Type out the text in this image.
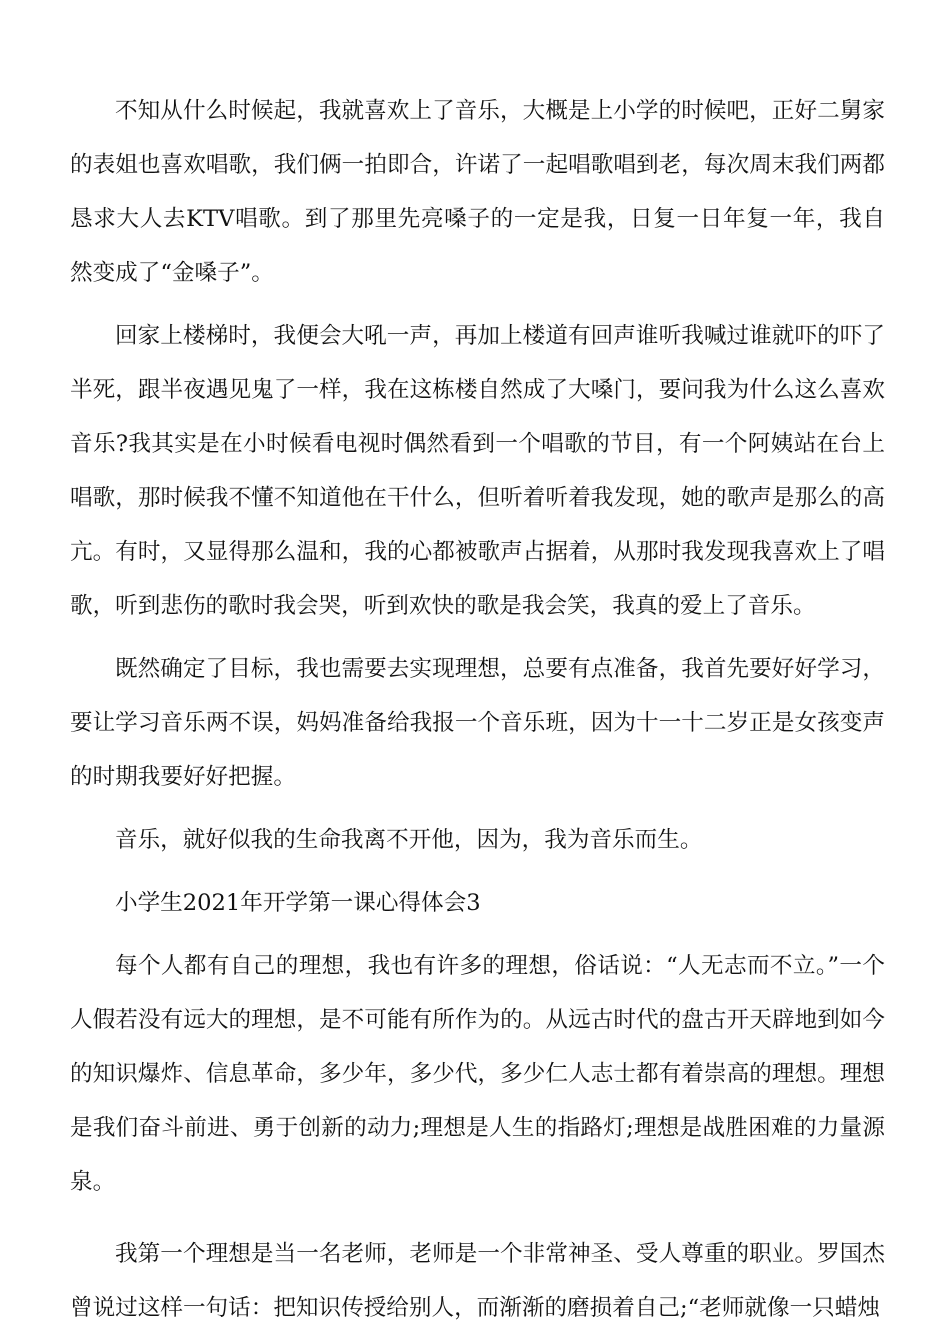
不知从什么时候起，我就喜欢上了音乐，大概是上小学的时候吧，正好二舅家的表姐也喜欢唱歌，我们俩一拍即合，许诺了一起唱歌唱到老，每次周末我们两都恳求大人去KTV唱歌。到了那里先亮嗓子的一定是我，日复一日年复一年，我自然变成了“金嗓子”。

回家上楼梯时，我便会大吼一声，再加上楼道有回声谁听我喊过谁就吓的吓了半死，跟半夜遇见鬼了一样，我在这栋楼自然成了大嗓门，要问我为什么这么喜欢音乐?我其实是在小时候看电视时偶然看到一个唱歌的节目，有一个阿姨站在台上唱歌，那时候我不懂不知道他在干什么，但听着听着我发现，她的歌声是那么的高亢。有时，又显得那么温和，我的心都被歌声占据着，从那时我发现我喜欢上了唱歌，听到悲伤的歌时我会哭，听到欢快的歌是我会笑，我真的爱上了音乐。

既然确定了目标，我也需要去实现理想，总要有点准备，我首先要好好学习，要让学习音乐两不误，妈妈准备给我报一个音乐班，因为十一十二岁正是女孩变声的时期我要好好把握。

音乐，就好似我的生命我离不开他，因为，我为音乐而生。

小学生2021年开学第一课心得体会3

每个人都有自己的理想，我也有许多的理想，俗话说：“人无志而不立。”一个人假若没有远大的理想，是不可能有所作为的。从远古时代的盘古开天辟地到如今的知识爆炸、信息革命，多少年，多少代，多少仁人志士都有着崇高的理想。理想是我们奋斗前进、勇于创新的动力;理想是人生的指路灯;理想是战胜困难的力量源泉。

我第一个理想是当一名老师，老师是一个非常神圣、受人尊重的职业。罗国杰曾说过这样一句话：把知识传授给别人，而渐渐的磨损着自己;“老师就像一只蜡烛
